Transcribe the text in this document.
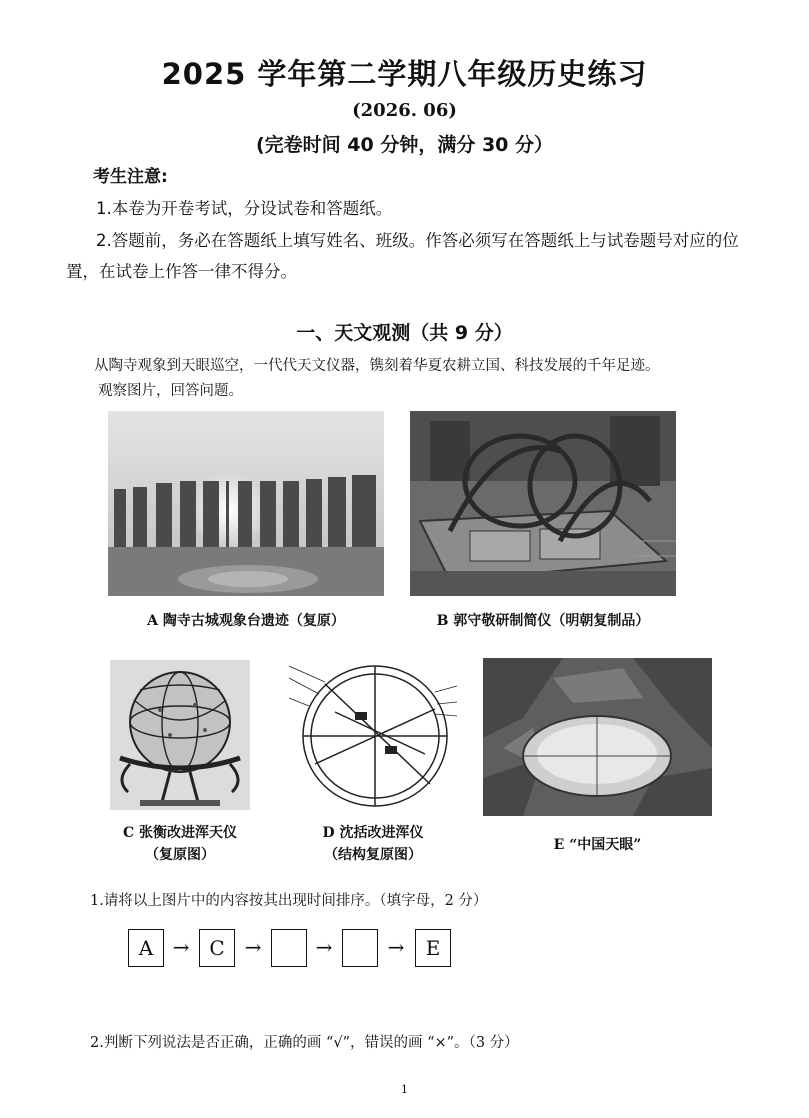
2025 学年第二学期八年级历史练习
(2026. 06)
(完卷时间 40 分钟，满分 30 分）
考生注意:
1.本卷为开卷考试，分设试卷和答题纸。
2.答题前，务必在答题纸上填写姓名、班级。作答必须写在答题纸上与试卷题号对应的位置，在试卷上作答一律不得分。
一、天文观测（共 9 分）
从陶寺观象到天眼巡空，一代代天文仪器，镌刻着华夏农耕立国、科技发展的千年足迹。
观察图片，回答问题。
A 陶寺古城观象台遗迹（复原）	B 郭守敬研制简仪（明朝复制品）
C 张衡改进浑天仪
（复原图）
D 沈括改进浑仪
（结构复原图）
E “中国天眼”
1.请将以上图片中的内容按其出现时间排序。（填字母，2 分）
A → C →	→	→	E
2.判断下列说法是否正确，正确的画 “√”，错误的画 “×”。（3 分）
1
